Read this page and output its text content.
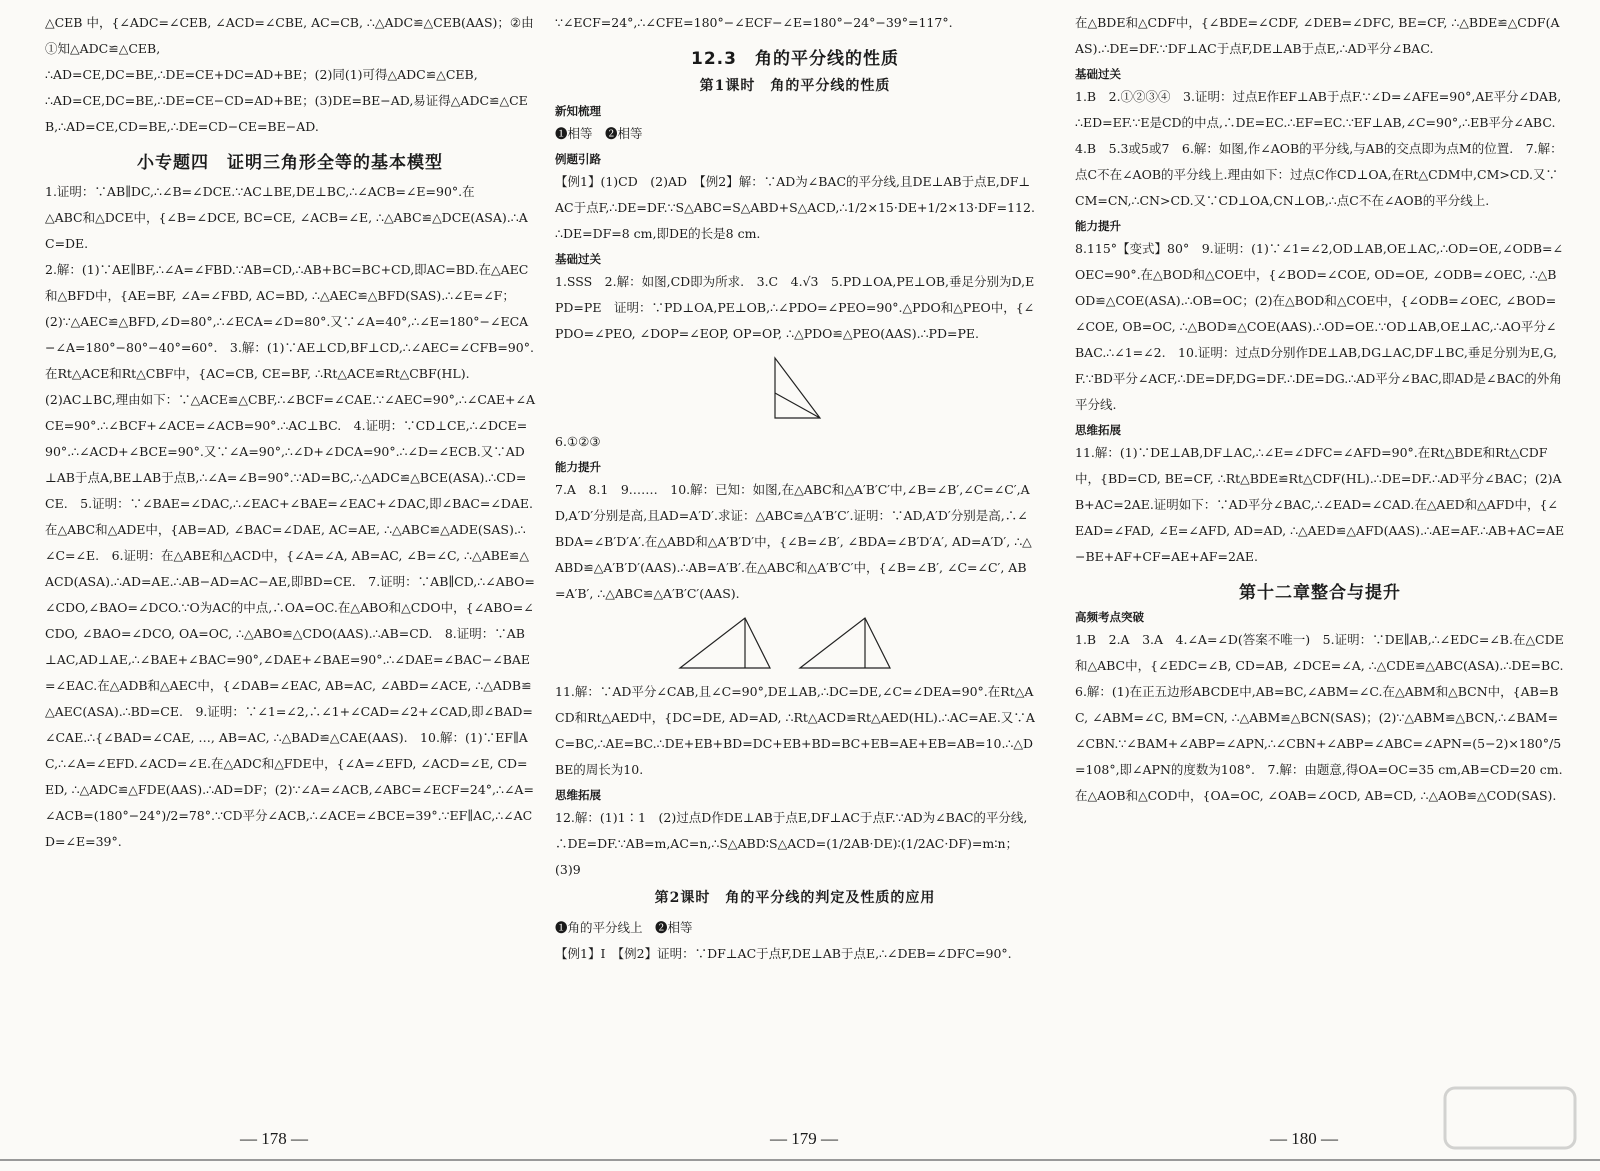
△CEB 中，{∠ADC=∠CEB, ∠ACD=∠CBE, AC=CB, ∴△ADC≌△CEB(AAS)；②由①知△ADC≌△CEB,

∴AD=CE,DC=BE,∴DE=CE+DC=AD+BE；(2)同(1)可得△ADC≌△CEB,

∴AD=CE,DC=BE,∴DE=CE−CD=AD+BE；(3)DE=BE−AD,易证得△ADC≌△CEB,∴AD=CE,CD=BE,∴DE=CD−CE=BE−AD.

小专题四　证明三角形全等的基本模型

1.证明：∵AB∥DC,∴∠B=∠DCE.∵AC⊥BE,DE⊥BC,∴∠ACB=∠E=90°.在

△ABC和△DCE中，{∠B=∠DCE, BC=CE, ∠ACB=∠E, ∴△ABC≌△DCE(ASA).∴AC=DE.

2.解：(1)∵AE∥BF,∴∠A=∠FBD.∵AB=CD,∴AB+BC=BC+CD,即AC=BD.在△AEC和△BFD中，{AE=BF, ∠A=∠FBD, AC=BD, ∴△AEC≌△BFD(SAS).∴∠E=∠F；

(2)∵△AEC≌△BFD,∠D=80°,∴∠ECA=∠D=80°.又∵∠A=40°,∴∠E=180°−∠ECA−∠A=180°−80°−40°=60°.　3.解：(1)∵AE⊥CD,BF⊥CD,∴∠AEC=∠CFB=90°.在Rt△ACE和Rt△CBF中，{AC=CB, CE=BF, ∴Rt△ACE≌Rt△CBF(HL).

(2)AC⊥BC,理由如下：∵△ACE≌△CBF,∴∠BCF=∠CAE.∵∠AEC=90°,∴∠CAE+∠ACE=90°.∴∠BCF+∠ACE=∠ACB=90°.∴AC⊥BC.　4.证明：∵CD⊥CE,∴∠DCE=90°.∴∠ACD+∠BCE=90°.又∵∠A=90°,∴∠D+∠DCA=90°.∴∠D=∠ECB.又∵AD⊥AB于点A,BE⊥AB于点B,∴∠A=∠B=90°.∵AD=BC,∴△ADC≌△BCE(ASA).∴CD=CE.　5.证明：∵∠BAE=∠DAC,∴∠EAC+∠BAE=∠EAC+∠DAC,即∠BAC=∠DAE.在△ABC和△ADE中，{AB=AD, ∠BAC=∠DAE, AC=AE, ∴△ABC≌△ADE(SAS).∴∠C=∠E.　6.证明：在△ABE和△ACD中，{∠A=∠A, AB=AC, ∠B=∠C, ∴△ABE≌△ACD(ASA).∴AD=AE.∴AB−AD=AC−AE,即BD=CE.　7.证明：∵AB∥CD,∴∠ABO=∠CDO,∠BAO=∠DCO.∵O为AC的中点,∴OA=OC.在△ABO和△CDO中，{∠ABO=∠CDO, ∠BAO=∠DCO, OA=OC, ∴△ABO≌△CDO(AAS).∴AB=CD.　8.证明：∵AB⊥AC,AD⊥AE,∴∠BAE+∠BAC=90°,∠DAE+∠BAE=90°.∴∠DAE=∠BAC−∠BAE=∠EAC.在△ADB和△AEC中，{∠DAB=∠EAC, AB=AC, ∠ABD=∠ACE, ∴△ADB≌△AEC(ASA).∴BD=CE.　9.证明：∵∠1=∠2,∴∠1+∠CAD=∠2+∠CAD,即∠BAD=∠CAE.∴{∠BAD=∠CAE, …, AB=AC, ∴△BAD≌△CAE(AAS).　10.解：(1)∵EF∥AC,∴∠A=∠EFD.∠ACD=∠E.在△ADC和△FDE中，{∠A=∠EFD, ∠ACD=∠E, CD=ED, ∴△ADC≌△FDE(AAS).∴AD=DF；(2)∵∠A=∠ACB,∠ABC=∠ECF=24°,∴∠A=∠ACB=(180°−24°)/2=78°.∵CD平分∠ACB,∴∠ACE=∠BCE=39°.∵EF∥AC,∴∠ACD=∠E=39°.

— 178 —

∵∠ECF=24°,∴∠CFE=180°−∠ECF−∠E=180°−24°−39°=117°.

12.3　角的平分线的性质
第1课时　角的平分线的性质
新知梳理

❶相等　❷相等

例题引路

【例1】(1)CD　(2)AD　【例2】解：∵AD为∠BAC的平分线,且DE⊥AB于点E,DF⊥AC于点F,∴DE=DF.∵S△ABC=S△ABD+S△ACD,∴1/2×15·DE+1/2×13·DF=112.∴DE=DF=8 cm,即DE的长是8 cm.

基础过关

1.SSS　2.解：如图,CD即为所求.　3.C　4.√3　5.PD⊥OA,PE⊥OB,垂足分别为D,E　PD=PE　证明：∵PD⊥OA,PE⊥OB,∴∠PDO=∠PEO=90°.△PDO和△PEO中，{∠PDO=∠PEO, ∠DOP=∠EOP, OP=OP, ∴△PDO≌△PEO(AAS).∴PD=PE.

6.①②③

能力提升

7.A　8.1　9.……　10.解：已知：如图,在△ABC和△A′B′C′中,∠B=∠B′,∠C=∠C′,AD,A′D′分别是高,且AD=A′D′.求证：△ABC≌△A′B′C′.证明：∵AD,A′D′分别是高,∴∠BDA=∠B′D′A′.在△ABD和△A′B′D′中，{∠B=∠B′, ∠BDA=∠B′D′A′, AD=A′D′, ∴△ABD≌△A′B′D′(AAS).∴AB=A′B′.在△ABC和△A′B′C′中，{∠B=∠B′, ∠C=∠C′, AB=A′B′, ∴△ABC≌△A′B′C′(AAS).

11.解：∵AD平分∠CAB,且∠C=90°,DE⊥AB,∴DC=DE,∠C=∠DEA=90°.在Rt△ACD和Rt△AED中，{DC=DE, AD=AD, ∴Rt△ACD≌Rt△AED(HL).∴AC=AE.又∵AC=BC,∴AE=BC.∴DE+EB+BD=DC+EB+BD=BC+EB=AE+EB=AB=10.∴△DBE的周长为10.

思维拓展

12.解：(1)1∶1　(2)过点D作DE⊥AB于点E,DF⊥AC于点F.∵AD为∠BAC的平分线,∴DE=DF.∵AB=m,AC=n,∴S△ABD∶S△ACD=(1/2AB·DE)∶(1/2AC·DF)=m∶n；(3)9

第2课时　角的平分线的判定及性质的应用

❶角的平分线上　❷相等

【例1】I　【例2】证明：∵DF⊥AC于点F,DE⊥AB于点E,∴∠DEB=∠DFC=90°.

— 179 —

在△BDE和△CDF中，{∠BDE=∠CDF, ∠DEB=∠DFC, BE=CF, ∴△BDE≌△CDF(AAS).∴DE=DF.∵DF⊥AC于点F,DE⊥AB于点E,∴AD平分∠BAC.

基础过关

1.B　2.①②③④　3.证明：过点E作EF⊥AB于点F.∵∠D=∠AFE=90°,AE平分∠DAB,∴ED=EF.∵E是CD的中点,∴DE=EC.∴EF=EC.∵EF⊥AB,∠C=90°,∴EB平分∠ABC.　4.B　5.3或5或7　6.解：如图,作∠AOB的平分线,与AB的交点即为点M的位置.　7.解：点C不在∠AOB的平分线上.理由如下：过点C作CD⊥OA,在Rt△CDM中,CM>CD.又∵CM=CN,∴CN>CD.又∵CD⊥OA,CN⊥OB,∴点C不在∠AOB的平分线上.

能力提升

8.115°【变式】80°　9.证明：(1)∵∠1=∠2,OD⊥AB,OE⊥AC,∴OD=OE,∠ODB=∠OEC=90°.在△BOD和△COE中，{∠BOD=∠COE, OD=OE, ∠ODB=∠OEC, ∴△BOD≌△COE(ASA).∴OB=OC；(2)在△BOD和△COE中，{∠ODB=∠OEC, ∠BOD=∠COE, OB=OC, ∴△BOD≌△COE(AAS).∴OD=OE.∵OD⊥AB,OE⊥AC,∴AO平分∠BAC.∴∠1=∠2.　10.证明：过点D分别作DE⊥AB,DG⊥AC,DF⊥BC,垂足分别为E,G,F.∵BD平分∠ACF,∴DE=DF,DG=DF.∴DE=DG.∴AD平分∠BAC,即AD是∠BAC的外角平分线.

思维拓展

11.解：(1)∵DE⊥AB,DF⊥AC,∴∠E=∠DFC=∠AFD=90°.在Rt△BDE和Rt△CDF中，{BD=CD, BE=CF, ∴Rt△BDE≌Rt△CDF(HL).∴DE=DF.∴AD平分∠BAC；(2)AB+AC=2AE.证明如下：∵AD平分∠BAC,∴∠EAD=∠CAD.在△AED和△AFD中，{∠EAD=∠FAD, ∠E=∠AFD, AD=AD, ∴△AED≌△AFD(AAS).∴AE=AF.∴AB+AC=AE−BE+AF+CF=AE+AF=2AE.

第十二章整合与提升
高频考点突破

1.B　2.A　3.A　4.∠A=∠D(答案不唯一)　5.证明：∵DE∥AB,∴∠EDC=∠B.在△CDE和△ABC中，{∠EDC=∠B, CD=AB, ∠DCE=∠A, ∴△CDE≌△ABC(ASA).∴DE=BC.　6.解：(1)在正五边形ABCDE中,AB=BC,∠ABM=∠C.在△ABM和△BCN中，{AB=BC, ∠ABM=∠C, BM=CN, ∴△ABM≌△BCN(SAS)；(2)∵△ABM≌△BCN,∴∠BAM=∠CBN.∵∠BAM+∠ABP=∠APN,∴∠CBN+∠ABP=∠ABC=∠APN=(5−2)×180°/5=108°,即∠APN的度数为108°.　7.解：由题意,得OA=OC=35 cm,AB=CD=20 cm.在△AOB和△COD中，{OA=OC, ∠OAB=∠OCD, AB=CD, ∴△AOB≌△COD(SAS).

— 180 —
